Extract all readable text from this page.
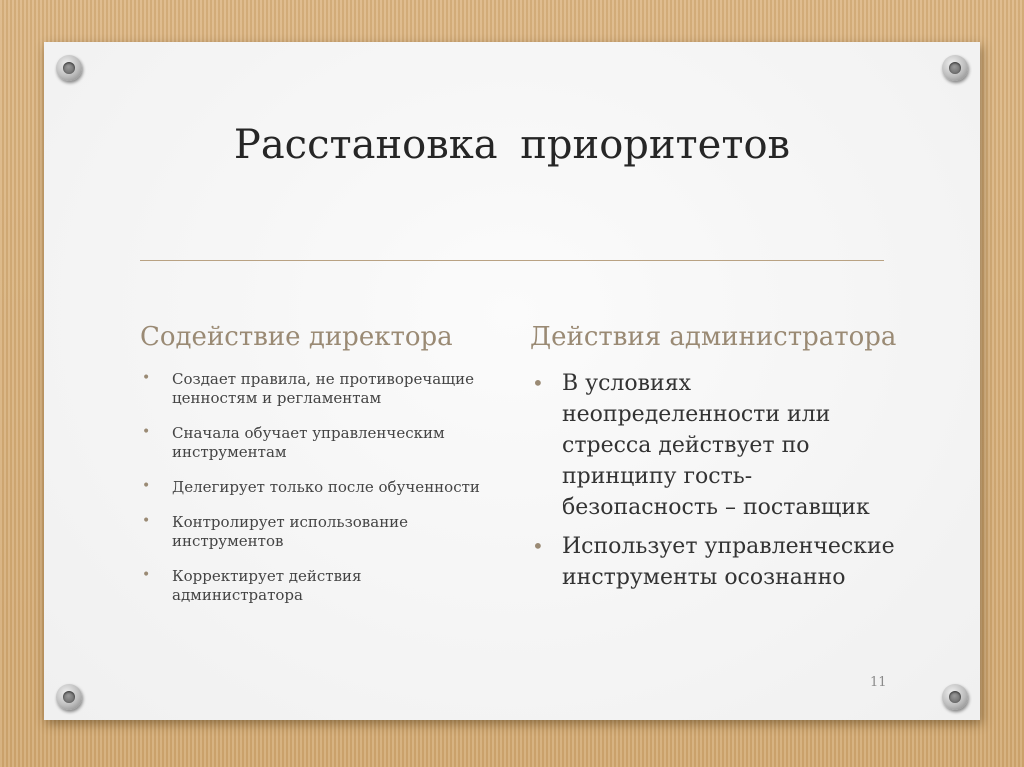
Расстановка приоритетов
Содействие директора
• Создает правила, не противоречащие ценностям и регламентам
• Сначала обучает управленческим инструментам
• Делегирует только после обученности
• Контролирует использование инструментов
• Корректирует действия администратора
Действия администратора
• В условиях неопределенности или стресса действует по принципу гость- безопасность – поставщик
• Использует управленческие инструменты осознанно
11
